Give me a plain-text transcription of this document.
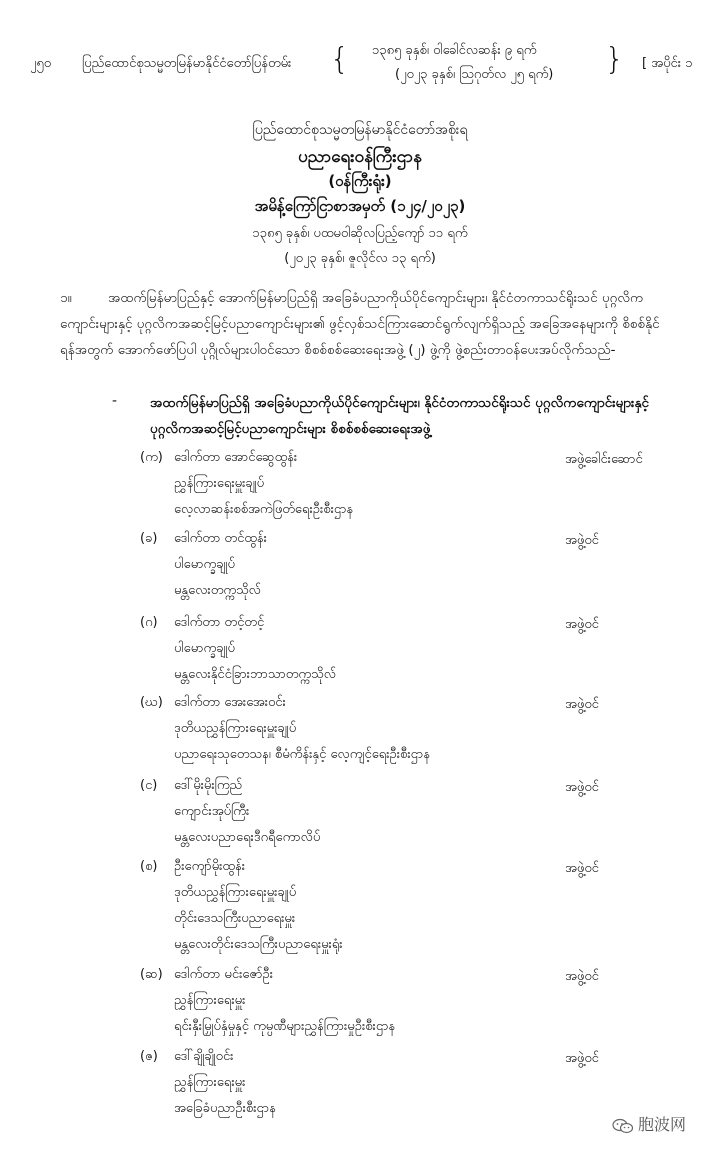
၂၅၀ ပြည်ထောင်စုသမ္မတမြန်မာနိုင်ငံတော်ပြန်တမ်း { ၁၃၈၅ ခုနှစ်၊ ဝါခေါင်လဆန်း ၉ ရက်
(၂၀၂၃ ခုနှစ်၊ ဩဂုတ်လ ၂၅ ရက်) } [ အပိုင်း ၁
ပြည်ထောင်စုသမ္မတမြန်မာနိုင်ငံတော်အစိုးရ
ပညာရေးဝန်ကြီးဌာန
(ဝန်ကြီးရုံး)
အမိန့်ကြော်ငြာစာအမှတ် (၁၂၄/၂၀၂၃)
၁၃၈၅ ခုနှစ်၊ ပထမဝါဆိုလပြည့်ကျော် ၁၁ ရက်
(၂၀၂၃ ခုနှစ်၊ ဇူလိုင်လ ၁၃ ရက်)
၁။	အထက်မြန်မာပြည်နှင့် အောက်မြန်မာပြည်ရှိ အခြေခံပညာကိုယ်ပိုင်ကျောင်းများ၊ နိုင်ငံတကာသင်ရိုးသင် ပုဂ္ဂလိကကျောင်းများနှင့် ပုဂ္ဂလိကအဆင့်မြင့်ပညာကျောင်းများ၏ ဖွင့်လှစ်သင်ကြားဆောင်ရွက်လျက်ရှိသည့် အခြေအနေများကို စိစစ်နိုင်ရန်အတွက် အောက်ဖော်ပြပါ ပုဂ္ဂိုလ်များပါဝင်သော စိစစ်စစ်ဆေးရေးအဖွဲ့ (၂) ဖွဲ့ကို ဖွဲ့စည်းတာဝန်ပေးအပ်လိုက်သည်-
- အထက်မြန်မာပြည်ရှိ အခြေခံပညာကိုယ်ပိုင်ကျောင်းများ၊ နိုင်ငံတကာသင်ရိုးသင် ပုဂ္ဂလိကကျောင်းများနှင့် ပုဂ္ဂလိကအဆင့်မြင့်ပညာကျောင်းများ စိစစ်စစ်ဆေးရေးအဖွဲ့
(က) ဒေါက်တာ အောင်ဆွေထွန်း
ညွှန်ကြားရေးမှူးချုပ်
လေ့လာဆန်းစစ်အကဲဖြတ်ရေးဦးစီးဌာန
အဖွဲ့ခေါင်းဆောင်
(ခ) ဒေါက်တာ တင်ထွန်း
ပါမောက္ခချုပ်
မန္တလေးတက္ကသိုလ်
အဖွဲ့ဝင်
(ဂ) ဒေါက်တာ တင့်တင့်
ပါမောက္ခချုပ်
မန္တလေးနိုင်ငံခြားဘာသာတက္ကသိုလ်
အဖွဲ့ဝင်
(ဃ) ဒေါက်တာ အေးအေးဝင်း
ဒုတိယညွှန်ကြားရေးမှူးချုပ်
ပညာရေးသုတေသန၊ စီမံကိန်းနှင့် လေ့ကျင့်ရေးဦးစီးဌာန
အဖွဲ့ဝင်
(င) ဒေါ်မိုးမိုးကြည်
ကျောင်းအုပ်ကြီး
မန္တလေးပညာရေးဒီဂရီကောလိပ်
အဖွဲ့ဝင်
(စ) ဦးကျော်မိုးထွန်း
ဒုတိယညွှန်ကြားရေးမှူးချုပ်
တိုင်းဒေသကြီးပညာရေးမှူး
မန္တလေးတိုင်းဒေသကြီးပညာရေးမှူးရုံး
အဖွဲ့ဝင်
(ဆ) ဒေါက်တာ မင်းဇော်ဦး
ညွှန်ကြားရေးမှူး
ရင်းနှီးမြှုပ်နှံမှုနှင့် ကုမ္ပဏီများညွှန်ကြားမှုဦးစီးဌာန
အဖွဲ့ဝင်
(ဇ) ဒေါ်ချိုချိုဝင်း
ညွှန်ကြားရေးမှူး
အခြေခံပညာဦးစီးဌာန
အဖွဲ့ဝင်
胞波网
